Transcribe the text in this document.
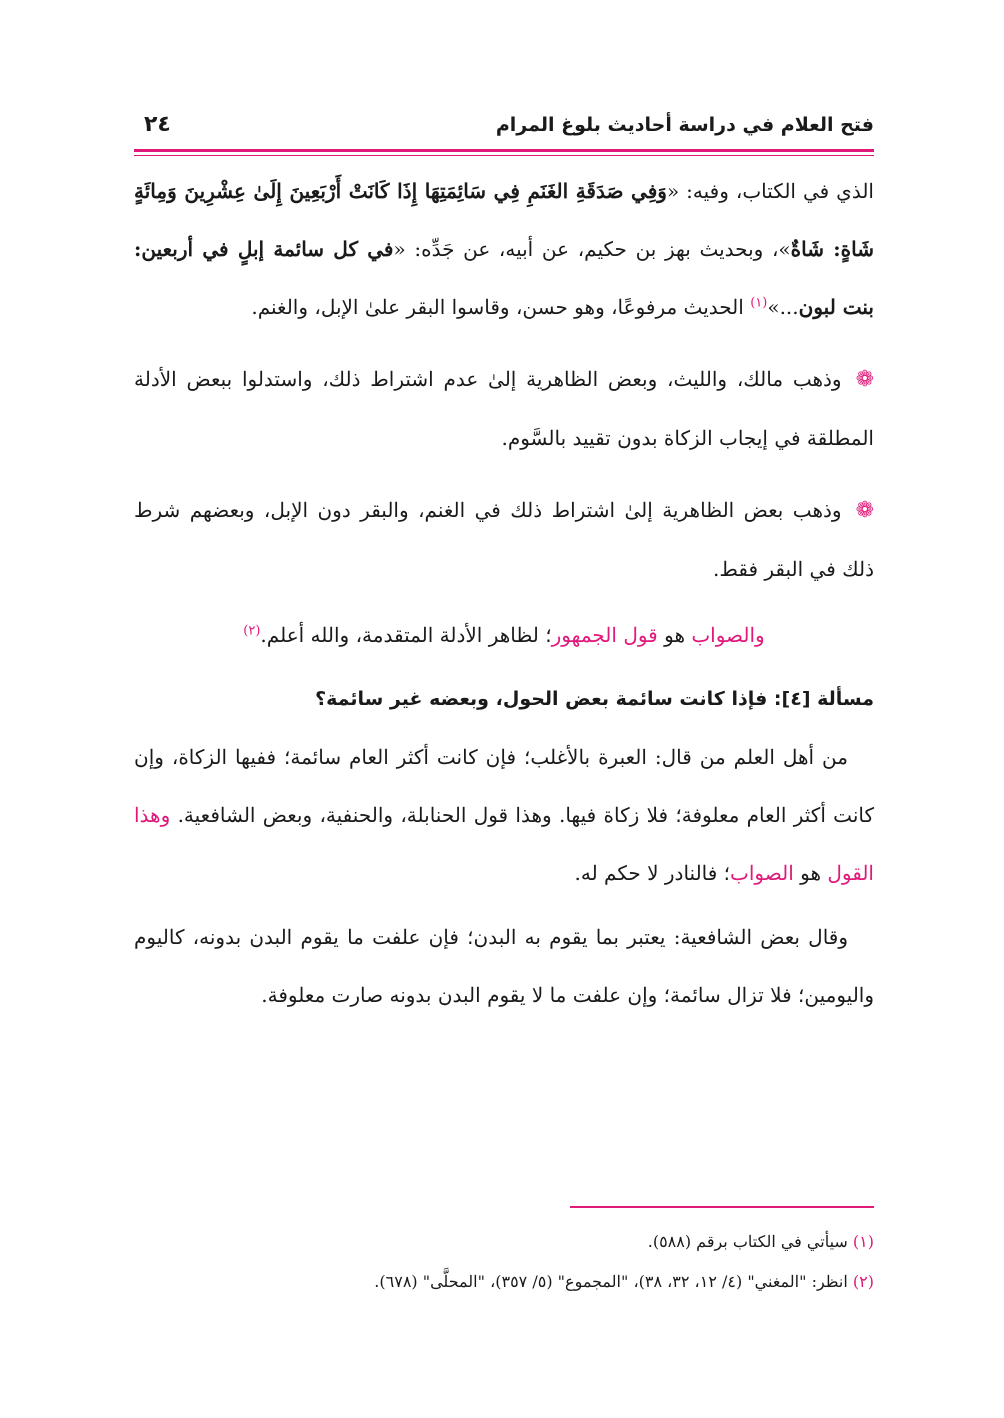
فتح العلام في دراسة أحاديث بلوغ المرام
٢٤

الذي في الكتاب، وفيه: «وَفِي صَدَقَةِ الغَنَمِ فِي سَائِمَتِهَا إِذَا كَانَتْ أَرْبَعِينَ إِلَىٰ عِشْرِينَ وَمِائَةٍ شَاةٍ: شَاةٌ»، وبحديث بهز بن حكيم، عن أبيه، عن جَدِّه: «في كل سائمة إبلٍ في أربعين: بنت لبون...»$^{(١)}$ الحديث مرفوعًا، وهو حسن، وقاسوا البقر علىٰ الإبل، والغنم.

❁وذهب مالك، والليث، وبعض الظاهرية إلىٰ عدم اشتراط ذلك، واستدلوا ببعض الأدلة المطلقة في إيجاب الزكاة بدون تقييد بالسَّوم.

❁وذهب بعض الظاهرية إلىٰ اشتراط ذلك في الغنم، والبقر دون الإبل، وبعضهم شرط ذلك في البقر فقط.

والصواب هو قول الجمهور؛ لظاهر الأدلة المتقدمة، والله أعلم.$^{(٢)}$

مسألة [٤]: فإذا كانت سائمة بعض الحول، وبعضه غير سائمة؟

من أهل العلم من قال: العبرة بالأغلب؛ فإن كانت أكثر العام سائمة؛ ففيها الزكاة، وإن كانت أكثر العام معلوفة؛ فلا زكاة فيها. وهذا قول الحنابلة، والحنفية، وبعض الشافعية. وهذا القول هو الصواب؛ فالنادر لا حكم له.

وقال بعض الشافعية: يعتبر بما يقوم به البدن؛ فإن علفت ما يقوم البدن بدونه، كاليوم واليومين؛ فلا تزال سائمة؛ وإن علفت ما لا يقوم البدن بدونه صارت معلوفة.

(١) سيأتي في الكتاب برقم (٥٨٨).
(٢) انظر: "المغني" (٤/ ١٢، ٣٢، ٣٨)، "المجموع" (٥/ ٣٥٧)، "المحلَّى" (٦٧٨).
